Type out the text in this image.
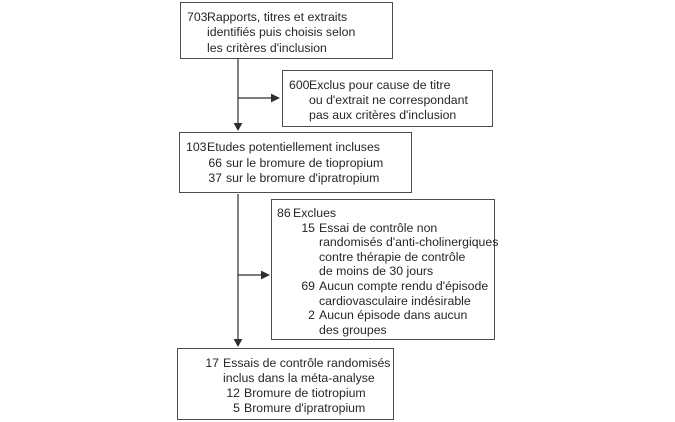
703 Rapports, titres et extraits
identifiés puis choisis selon
les critères d'inclusion
600 Exclus pour cause de titre
ou d'extrait ne correspondant
pas aux critères d'inclusion
103 Etudes potentiellement incluses
66 sur le bromure de tiopropium
37 sur le bromure d'ipratropium
86 Exclues
15 Essai de contrôle non
randomisés d'anti-cholinergiques
contre thérapie de contrôle
de moins de 30 jours
69 Aucun compte rendu d'épisode
cardiovasculaire indésirable
2 Aucun épisode dans aucun
des groupes
17 Essais de contrôle randomisés
inclus dans la méta-analyse
12 Bromure de tiotropium
5 Bromure d'ipratropium
